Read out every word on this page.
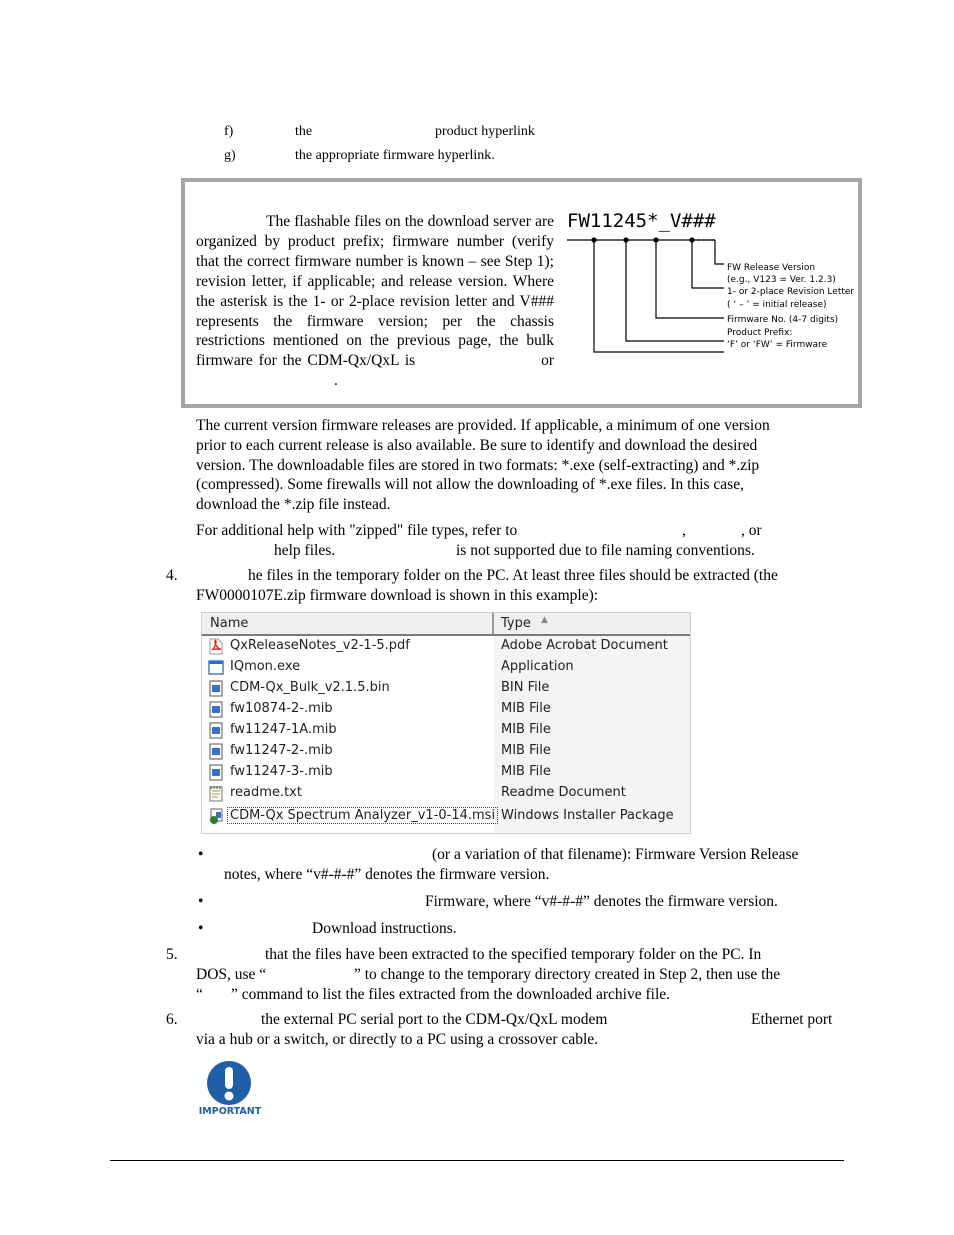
f)	the	product hyperlink
g)	the appropriate firmware hyperlink.
The flashable files on the download server are organized by product prefix; firmware number (verify that the correct firmware number is known – see Step 1); revision letter, if applicable; and release version. Where the asterisk is the 1- or 2-place revision letter and V### represents the firmware version; per the chassis restrictions mentioned on the previous page, the bulk firmware for the CDM-Qx/QxL is	or.
FW11245*_V###
FW Release Version
(e.g., V123 = Ver. 1.2.3)
1- or 2-place Revision Letter
( ‘ – ’ = initial release)
Firmware No. (4-7 digits)
Product Prefix:
‘F’ or ‘FW’ = Firmware
The current version firmware releases are provided. If applicable, a minimum of one version
prior to each current release is also available. Be sure to identify and download the desired
version. The downloadable files are stored in two formats: *.exe (self-extracting) and *.zip
(compressed). Some firewalls will not allow the downloading of *.exe files. In this case,
download the *.zip file instead.
For additional help with "zipped" file types, refer to	,	, or
help files.	is not supported due to file naming conventions.
4.	he files in the temporary folder on the PC. At least three files should be extracted (the
FW0000107E.zip firmware download is shown in this example):
Name	Type ▲
QxReleaseNotes_v2-1-5.pdf	Adobe Acrobat Document
IQmon.exe	Application
CDM-Qx_Bulk_v2.1.5.bin	BIN File
fw10874-2-.mib	MIB File
fw11247-1A.mib	MIB File
fw11247-2-.mib	MIB File
fw11247-3-.mib	MIB File
readme.txt	Readme Document
CDM-Qx Spectrum Analyzer_v1-0-14.msi Windows Installer Package
•	(or a variation of that filename): Firmware Version Release
notes, where “v#-#-#” denotes the firmware version.
•	Firmware, where “v#-#-#” denotes the firmware version.
•	Download instructions.
5.	that the files have been extracted to the specified temporary folder on the PC. In
DOS, use “	” to change to the temporary directory created in Step 2, then use the
“ ” command to list the files extracted from the downloaded archive file.
6.	the external PC serial port to the CDM-Qx/QxL modem	Ethernet port
via a hub or a switch, or directly to a PC using a crossover cable.
IMPORTANT
